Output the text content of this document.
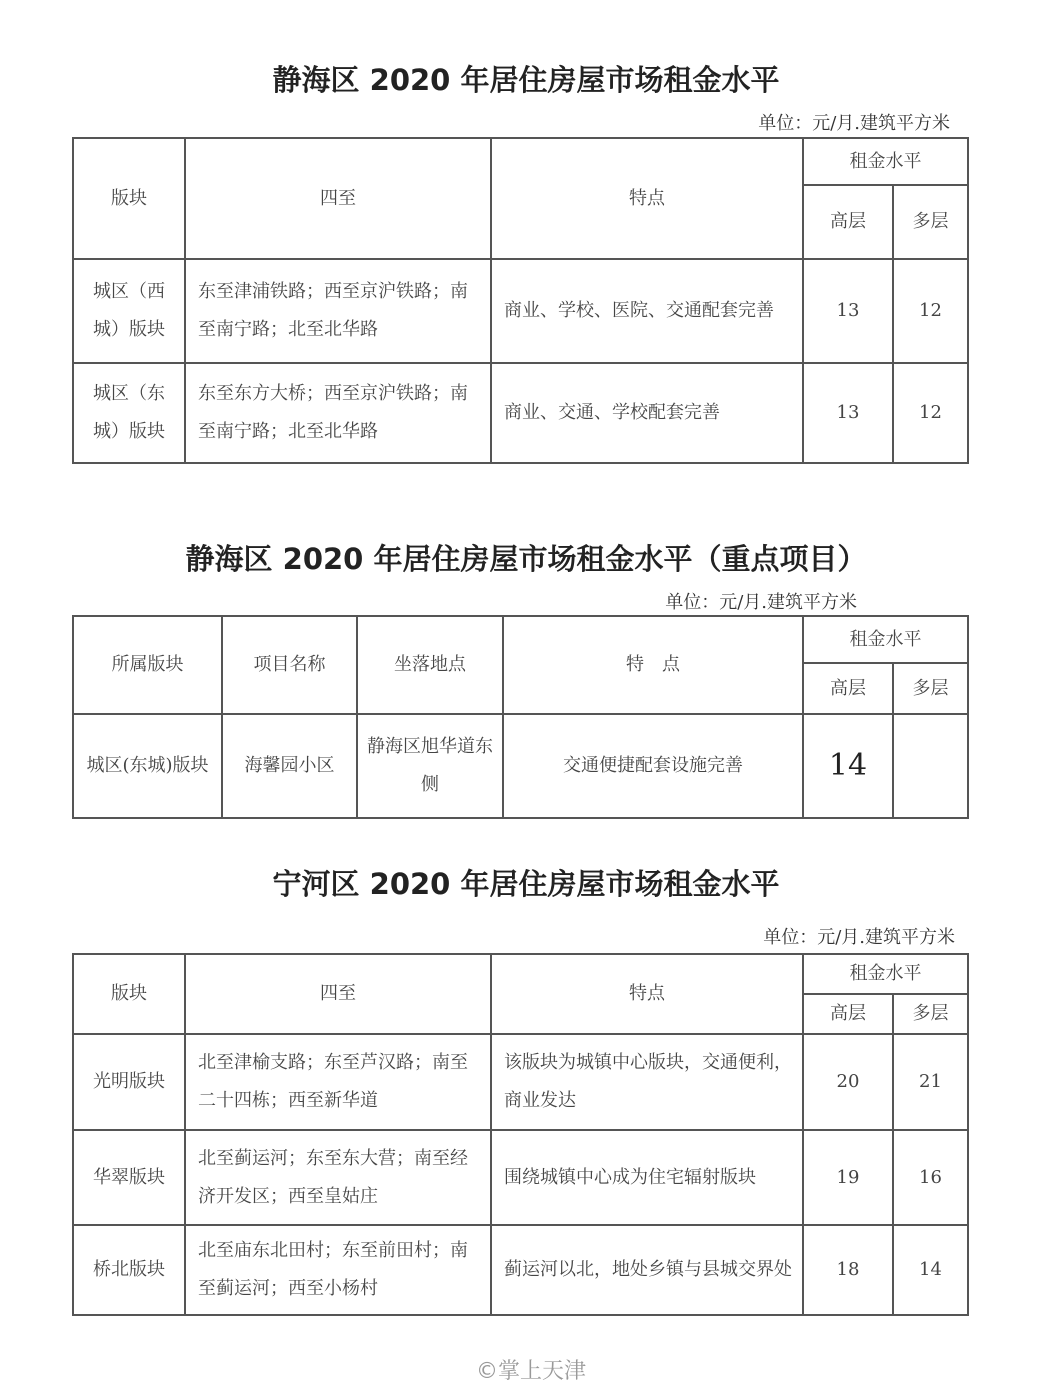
静海区 2020 年居住房屋市场租金水平
单位：元/月.建筑平方米
版块	四至	特点	租金水平	
			高层	多层
城区（西城）版块	东至津浦铁路；西至京沪铁路；南至南宁路；北至北华路	商业、学校、医院、交通配套完善	13	12
城区（东城）版块	东至东方大桥；西至京沪铁路；南至南宁路；北至北华路	商业、交通、学校配套完善	13	12
静海区 2020 年居住房屋市场租金水平（重点项目）
单位：元/月.建筑平方米
所属版块	项目名称	坐落地点	特　点	租金水平	
				高层	多层
城区(东城)版块	海馨园小区	静海区旭华道东侧	交通便捷配套设施完善	14	
宁河区 2020 年居住房屋市场租金水平
单位：元/月.建筑平方米
版块	四至	特点	租金水平	
			高层	多层
光明版块	北至津榆支路；东至芦汉路；南至二十四栋；西至新华道	该版块为城镇中心版块，交通便利，商业发达	20	21
华翠版块	北至蓟运河；东至东大营；南至经济开发区；西至皇姑庄	围绕城镇中心成为住宅辐射版块	19	16
桥北版块	北至庙东北田村；东至前田村；南至蓟运河；西至小杨村	蓟运河以北，地处乡镇与县城交界处	18	14
©掌上天津
